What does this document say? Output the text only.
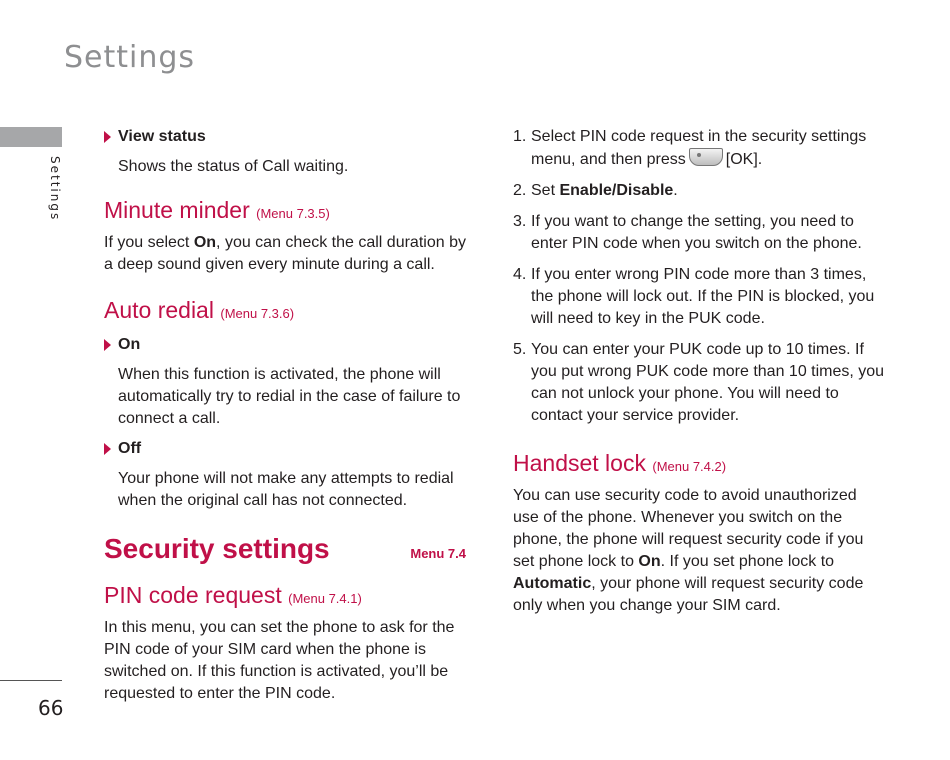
Settings
Settings
66

View status

Shows the status of Call waiting.

Minute minder (Menu 7.3.5)

If you select On, you can check the call duration by a deep sound given every minute during a call.

Auto redial (Menu 7.3.6)

On

When this function is activated, the phone will automatically try to redial in the case of failure to connect a call.

Off

Your phone will not make any attempts to redial when the original call has not connected.

Security settings	Menu 7.4
PIN code request (Menu 7.4.1)

In this menu, you can set the phone to ask for the PIN code of your SIM card when the phone is switched on. If this function is activated, you’ll be requested to enter the PIN code.

1. Select PIN code request in the security settings menu, and then press	[OK].
2. Set Enable/Disable.
3. If you want to change the setting, you need to enter PIN code when you switch on the phone.
4. If you enter wrong PIN code more than 3 times, the phone will lock out. If the PIN is blocked, you will need to key in the PUK code.
5. You can enter your PUK code up to 10 times. If you put wrong PUK code more than 10 times, you can not unlock your phone. You will need to contact your service provider.
Handset lock (Menu 7.4.2)

You can use security code to avoid unauthorized use of the phone. Whenever you switch on the phone, the phone will request security code if you set phone lock to On. If you set phone lock to Automatic, your phone will request security code only when you change your SIM card.
